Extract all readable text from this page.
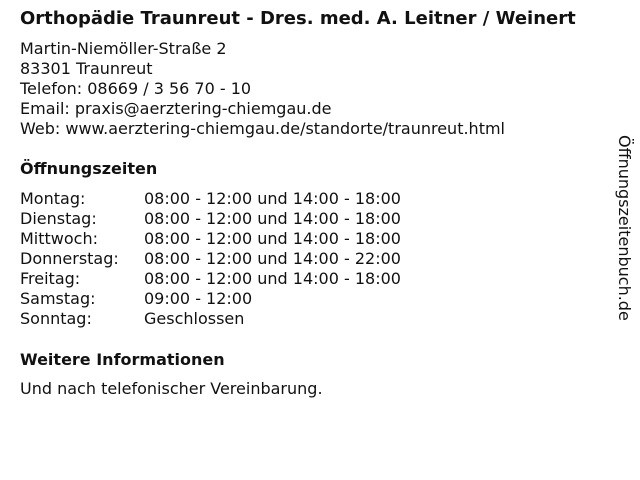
Orthopädie Traunreut - Dres. med. A. Leitner / Weinert
Martin-Niemöller-Straße 2
83301 Traunreut
Telefon: 08669 / 3 56 70 - 10
Email: praxis@aerztering-chiemgau.de
Web: www.aerztering-chiemgau.de/standorte/traunreut.html
Öffnungszeiten
Montag:	08:00 - 12:00 und 14:00 - 18:00
Dienstag:	08:00 - 12:00 und 14:00 - 18:00
Mittwoch:	08:00 - 12:00 und 14:00 - 18:00
Donnerstag:	08:00 - 12:00 und 14:00 - 22:00
Freitag:	08:00 - 12:00 und 14:00 - 18:00
Samstag:	09:00 - 12:00
Sonntag:	Geschlossen
Weitere Informationen
Und nach telefonischer Vereinbarung.
Öffnungszeitenbuch.de
